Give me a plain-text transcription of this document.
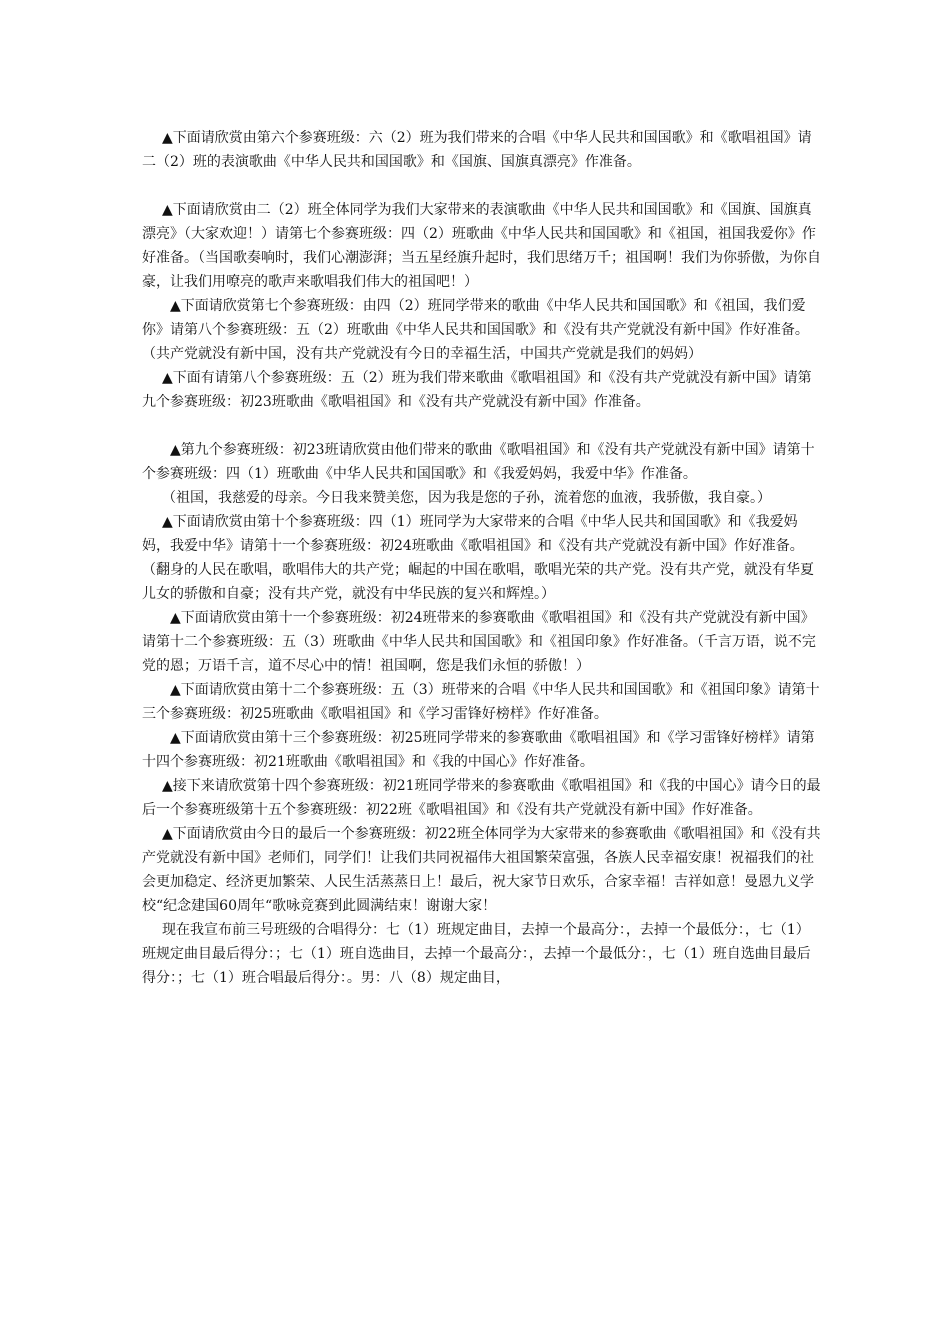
▲下面请欣赏由第六个参赛班级：六（2）班为我们带来的合唱《中华人民共和国国歌》和《歌唱祖国》请二（2）班的表演歌曲《中华人民共和国国歌》和《国旗、国旗真漂亮》作准备。

▲下面请欣赏由二（2）班全体同学为我们大家带来的表演歌曲《中华人民共和国国歌》和《国旗、国旗真漂亮》（大家欢迎！）请第七个参赛班级：四（2）班歌曲《中华人民共和国国歌》和《祖国，祖国我爱你》作好准备。（当国歌奏响时，我们心潮澎湃；当五星经旗升起时，我们思绪万千；祖国啊！我们为你骄傲，为你自豪，让我们用嘹亮的歌声来歌唱我们伟大的祖国吧！）

▲下面请欣赏第七个参赛班级：由四（2）班同学带来的歌曲《中华人民共和国国歌》和《祖国，我们爱你》请第八个参赛班级：五（2）班歌曲《中华人民共和国国歌》和《没有共产党就没有新中国》作好准备。（共产党就没有新中国，没有共产党就没有今日的幸福生活，中国共产党就是我们的妈妈）

▲下面有请第八个参赛班级：五（2）班为我们带来歌曲《歌唱祖国》和《没有共产党就没有新中国》请第九个参赛班级：初23班歌曲《歌唱祖国》和《没有共产党就没有新中国》作准备。

▲第九个参赛班级：初23班请欣赏由他们带来的歌曲《歌唱祖国》和《没有共产党就没有新中国》请第十个参赛班级：四（1）班歌曲《中华人民共和国国歌》和《我爱妈妈，我爱中华》作准备。

（祖国，我慈爱的母亲。今日我来赞美您，因为我是您的子孙，流着您的血液，我骄傲，我自豪。）

▲下面请欣赏由第十个参赛班级：四（1）班同学为大家带来的合唱《中华人民共和国国歌》和《我爱妈妈，我爱中华》请第十一个参赛班级：初24班歌曲《歌唱祖国》和《没有共产党就没有新中国》作好准备。（翻身的人民在歌唱，歌唱伟大的共产党；崛起的中国在歌唱，歌唱光荣的共产党。没有共产党，就没有华夏儿女的骄傲和自豪；没有共产党，就没有中华民族的复兴和辉煌。）

▲下面请欣赏由第十一个参赛班级：初24班带来的参赛歌曲《歌唱祖国》和《没有共产党就没有新中国》请第十二个参赛班级：五（3）班歌曲《中华人民共和国国歌》和《祖国印象》作好准备。（千言万语，说不完党的恩；万语千言，道不尽心中的情！祖国啊，您是我们永恒的骄傲！）

▲下面请欣赏由第十二个参赛班级：五（3）班带来的合唱《中华人民共和国国歌》和《祖国印象》请第十三个参赛班级：初25班歌曲《歌唱祖国》和《学习雷锋好榜样》作好准备。

▲下面请欣赏由第十三个参赛班级：初25班同学带来的参赛歌曲《歌唱祖国》和《学习雷锋好榜样》请第十四个参赛班级：初21班歌曲《歌唱祖国》和《我的中国心》作好准备。

▲接下来请欣赏第十四个参赛班级：初21班同学带来的参赛歌曲《歌唱祖国》和《我的中国心》请今日的最后一个参赛班级第十五个参赛班级：初22班《歌唱祖国》和《没有共产党就没有新中国》作好准备。

▲下面请欣赏由今日的最后一个参赛班级：初22班全体同学为大家带来的参赛歌曲《歌唱祖国》和《没有共产党就没有新中国》老师们，同学们！让我们共同祝福伟大祖国繁荣富强，各族人民幸福安康！祝福我们的社会更加稳定、经济更加繁荣、人民生活蒸蒸日上！最后，祝大家节日欢乐，合家幸福！吉祥如意！曼恩九义学校“纪念建国60周年“歌咏竞赛到此圆满结束！谢谢大家！

现在我宣布前三号班级的合唱得分：七（1）班规定曲目，去掉一个最高分：，去掉一个最低分：，七（1）班规定曲目最后得分：；七（1）班自选曲目，去掉一个最高分：，去掉一个最低分：，七（1）班自选曲目最后得分：；七（1）班合唱最后得分：。男：八（8）规定曲目，
